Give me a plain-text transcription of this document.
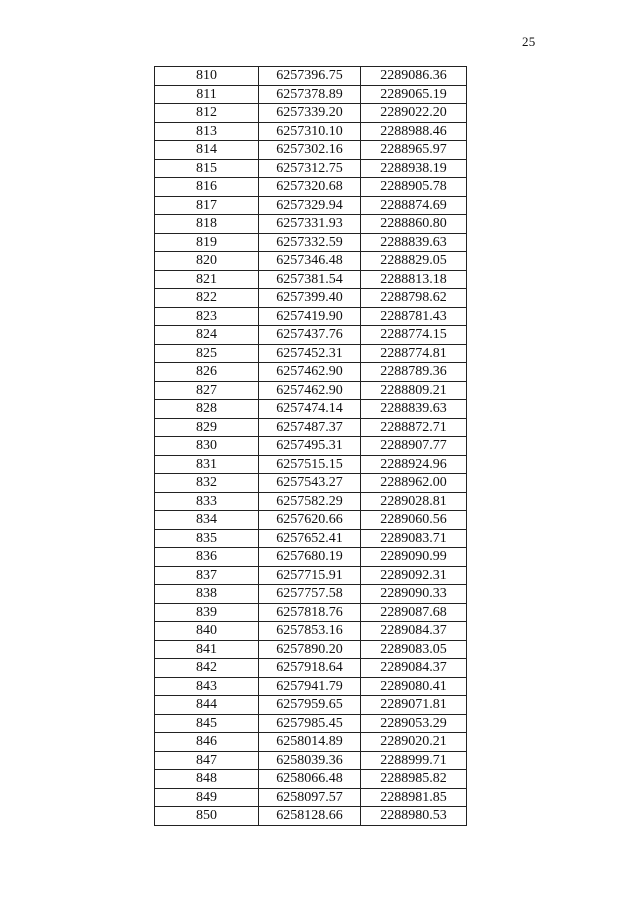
25
810	6257396.75	2289086.36
811	6257378.89	2289065.19
812	6257339.20	2289022.20
813	6257310.10	2288988.46
814	6257302.16	2288965.97
815	6257312.75	2288938.19
816	6257320.68	2288905.78
817	6257329.94	2288874.69
818	6257331.93	2288860.80
819	6257332.59	2288839.63
820	6257346.48	2288829.05
821	6257381.54	2288813.18
822	6257399.40	2288798.62
823	6257419.90	2288781.43
824	6257437.76	2288774.15
825	6257452.31	2288774.81
826	6257462.90	2288789.36
827	6257462.90	2288809.21
828	6257474.14	2288839.63
829	6257487.37	2288872.71
830	6257495.31	2288907.77
831	6257515.15	2288924.96
832	6257543.27	2288962.00
833	6257582.29	2289028.81
834	6257620.66	2289060.56
835	6257652.41	2289083.71
836	6257680.19	2289090.99
837	6257715.91	2289092.31
838	6257757.58	2289090.33
839	6257818.76	2289087.68
840	6257853.16	2289084.37
841	6257890.20	2289083.05
842	6257918.64	2289084.37
843	6257941.79	2289080.41
844	6257959.65	2289071.81
845	6257985.45	2289053.29
846	6258014.89	2289020.21
847	6258039.36	2288999.71
848	6258066.48	2288985.82
849	6258097.57	2288981.85
850	6258128.66	2288980.53
